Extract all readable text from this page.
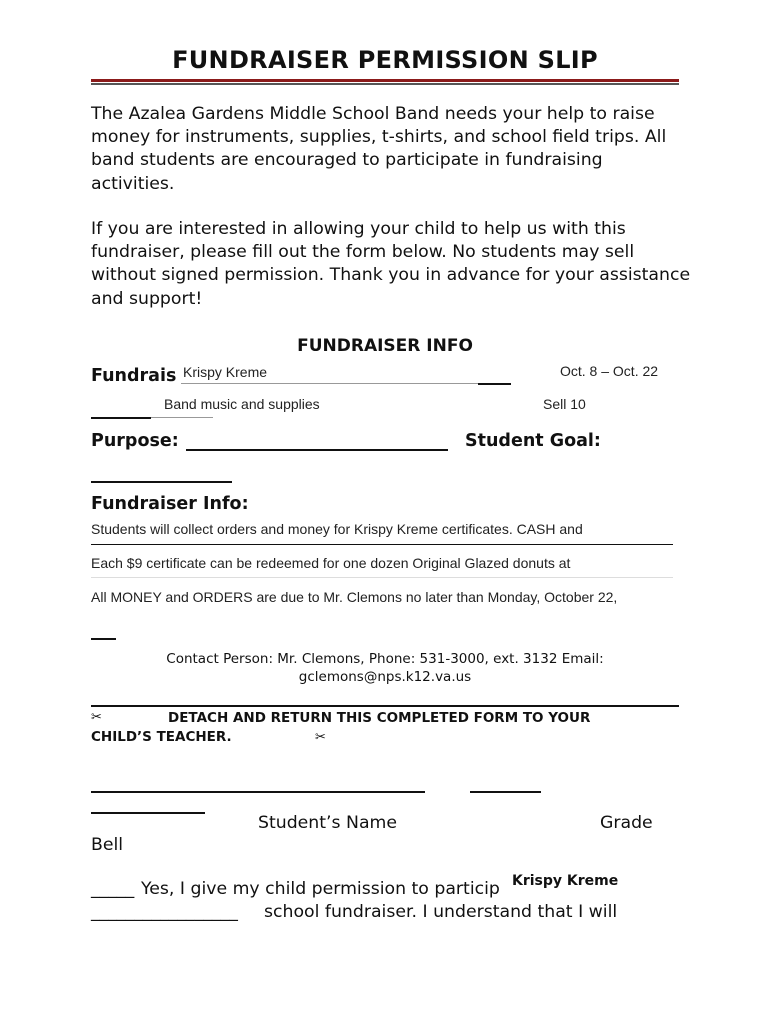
FUNDRAISER PERMISSION SLIP
The Azalea Gardens Middle School Band needs your help to raise money for instruments, supplies, t-shirts, and school field trips. All band students are encouraged to participate in fundraising activities.
If you are interested in allowing your child to help us with this fundraiser, please fill out the form below. No students may sell without signed permission. Thank you in advance for your assistance and support!
FUNDRAISER INFO
Fundrais Krispy Kreme	Oct. 8 – Oct. 22
Band music and supplies	Sell 10
Purpose:	Student Goal:
Fundraiser Info:
Students will collect orders and money for Krispy Kreme certificates. CASH and
Each $9 certificate can be redeemed for one dozen Original Glazed donuts at
All MONEY and ORDERS are due to Mr. Clemons no later than Monday, October 22,
Contact Person: Mr. Clemons, Phone: 531-3000, ext. 3132 Email:
gclemons@nps.k12.va.us
✂	DETACH AND RETURN THIS COMPLETED FORM TO YOUR
CHILD’S TEACHER.	✂
Student’s Name	Grade
Bell
_____ Yes, I give my child permission to particip Krispy Kreme
_________________ school fundraiser. I understand that I will
